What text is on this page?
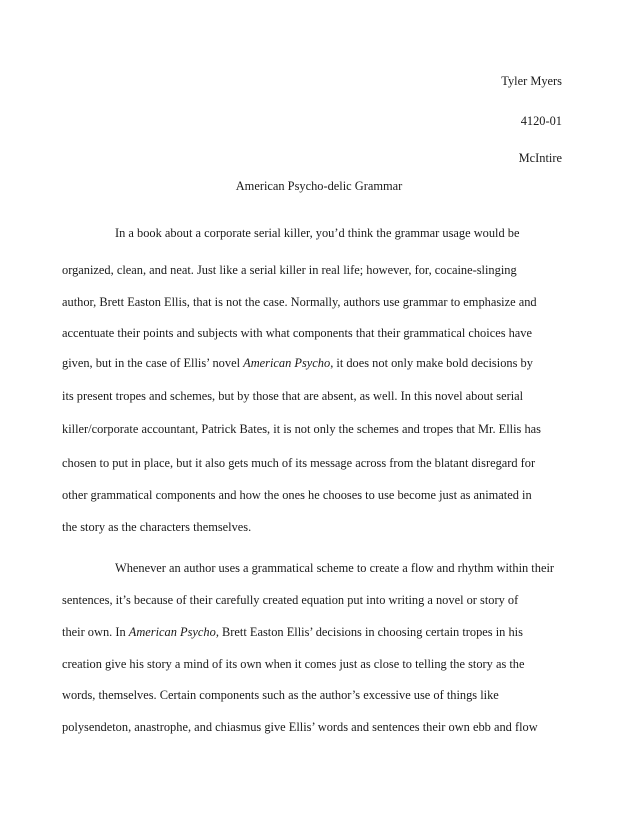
Tyler Myers
4120-01
McIntire
American Psycho-delic Grammar
In a book about a corporate serial killer, you’d think the grammar usage would be
organized, clean, and neat. Just like a serial killer in real life; however, for, cocaine-slinging
author, Brett Easton Ellis, that is not the case. Normally, authors use grammar to emphasize and
accentuate their points and subjects with what components that their grammatical choices have
given, but in the case of Ellis’ novel American Psycho, it does not only make bold decisions by
its present tropes and schemes, but by those that are absent, as well. In this novel about serial
killer/corporate accountant, Patrick Bates, it is not only the schemes and tropes that Mr. Ellis has
chosen to put in place, but it also gets much of its message across from the blatant disregard for
other grammatical components and how the ones he chooses to use become just as animated in
the story as the characters themselves.
Whenever an author uses a grammatical scheme to create a flow and rhythm within their
sentences, it’s because of their carefully created equation put into writing a novel or story of
their own. In American Psycho, Brett Easton Ellis’ decisions in choosing certain tropes in his
creation give his story a mind of its own when it comes just as close to telling the story as the
words, themselves. Certain components such as the author’s excessive use of things like
polysendeton, anastrophe, and chiasmus give Ellis’ words and sentences their own ebb and flow
